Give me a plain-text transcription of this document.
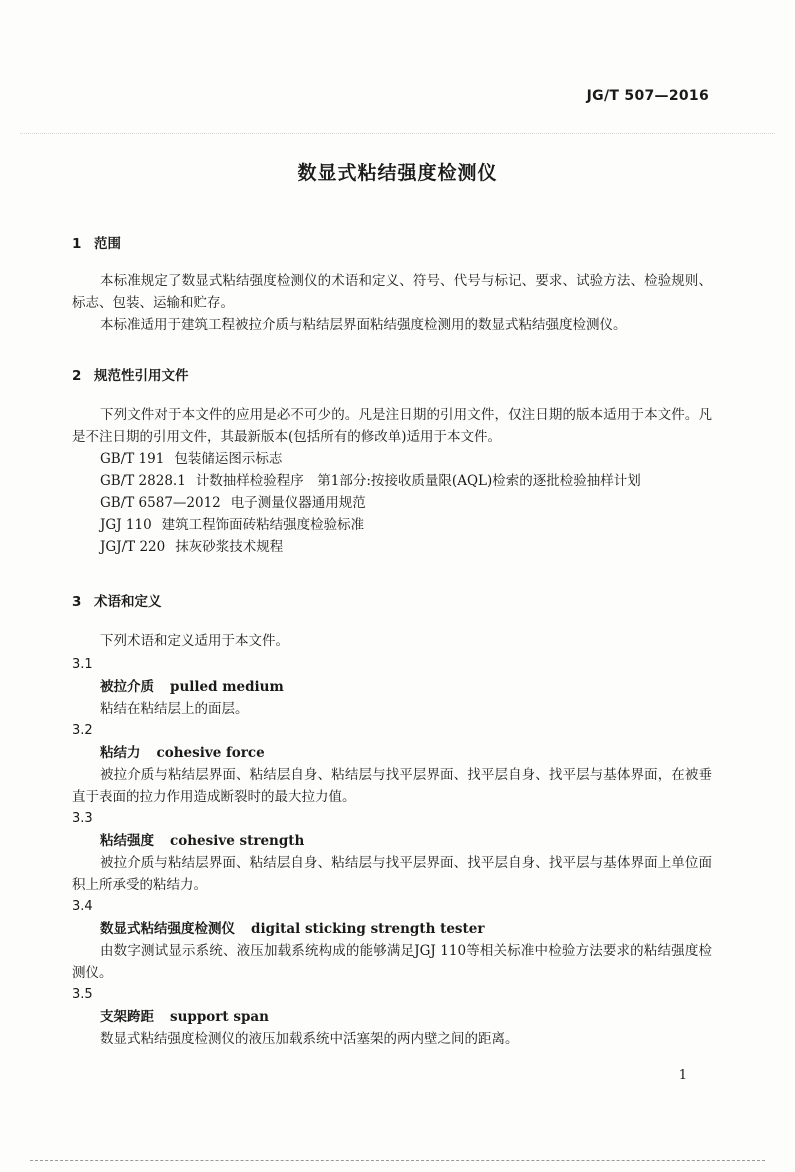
JG/T 507—2016
数显式粘结强度检测仪
1 范围

本标准规定了数显式粘结强度检测仪的术语和定义、符号、代号与标记、要求、试验方法、检验规则、标志、包装、运输和贮存。

本标准适用于建筑工程被拉介质与粘结层界面粘结强度检测用的数显式粘结强度检测仪。

2 规范性引用文件

下列文件对于本文件的应用是必不可少的。凡是注日期的引用文件，仅注日期的版本适用于本文件。凡是不注日期的引用文件，其最新版本(包括所有的修改单)适用于本文件。

GB/T 191 包装储运图示标志

GB/T 2828.1 计数抽样检验程序　第1部分:按接收质量限(AQL)检索的逐批检验抽样计划

GB/T 6587—2012 电子测量仪器通用规范

JGJ 110 建筑工程饰面砖粘结强度检验标准

JGJ/T 220 抹灰砂浆技术规程

3 术语和定义

下列术语和定义适用于本文件。

3.1

被拉介质 pulled medium

粘结在粘结层上的面层。

3.2

粘结力 cohesive force

被拉介质与粘结层界面、粘结层自身、粘结层与找平层界面、找平层自身、找平层与基体界面，在被垂直于表面的拉力作用造成断裂时的最大拉力值。

3.3

粘结强度 cohesive strength

被拉介质与粘结层界面、粘结层自身、粘结层与找平层界面、找平层自身、找平层与基体界面上单位面积上所承受的粘结力。

3.4

数显式粘结强度检测仪 digital sticking strength tester

由数字测试显示系统、液压加载系统构成的能够满足JGJ 110等相关标准中检验方法要求的粘结强度检测仪。

3.5

支架跨距 support span

数显式粘结强度检测仪的液压加载系统中活塞架的两内壁之间的距离。

1
